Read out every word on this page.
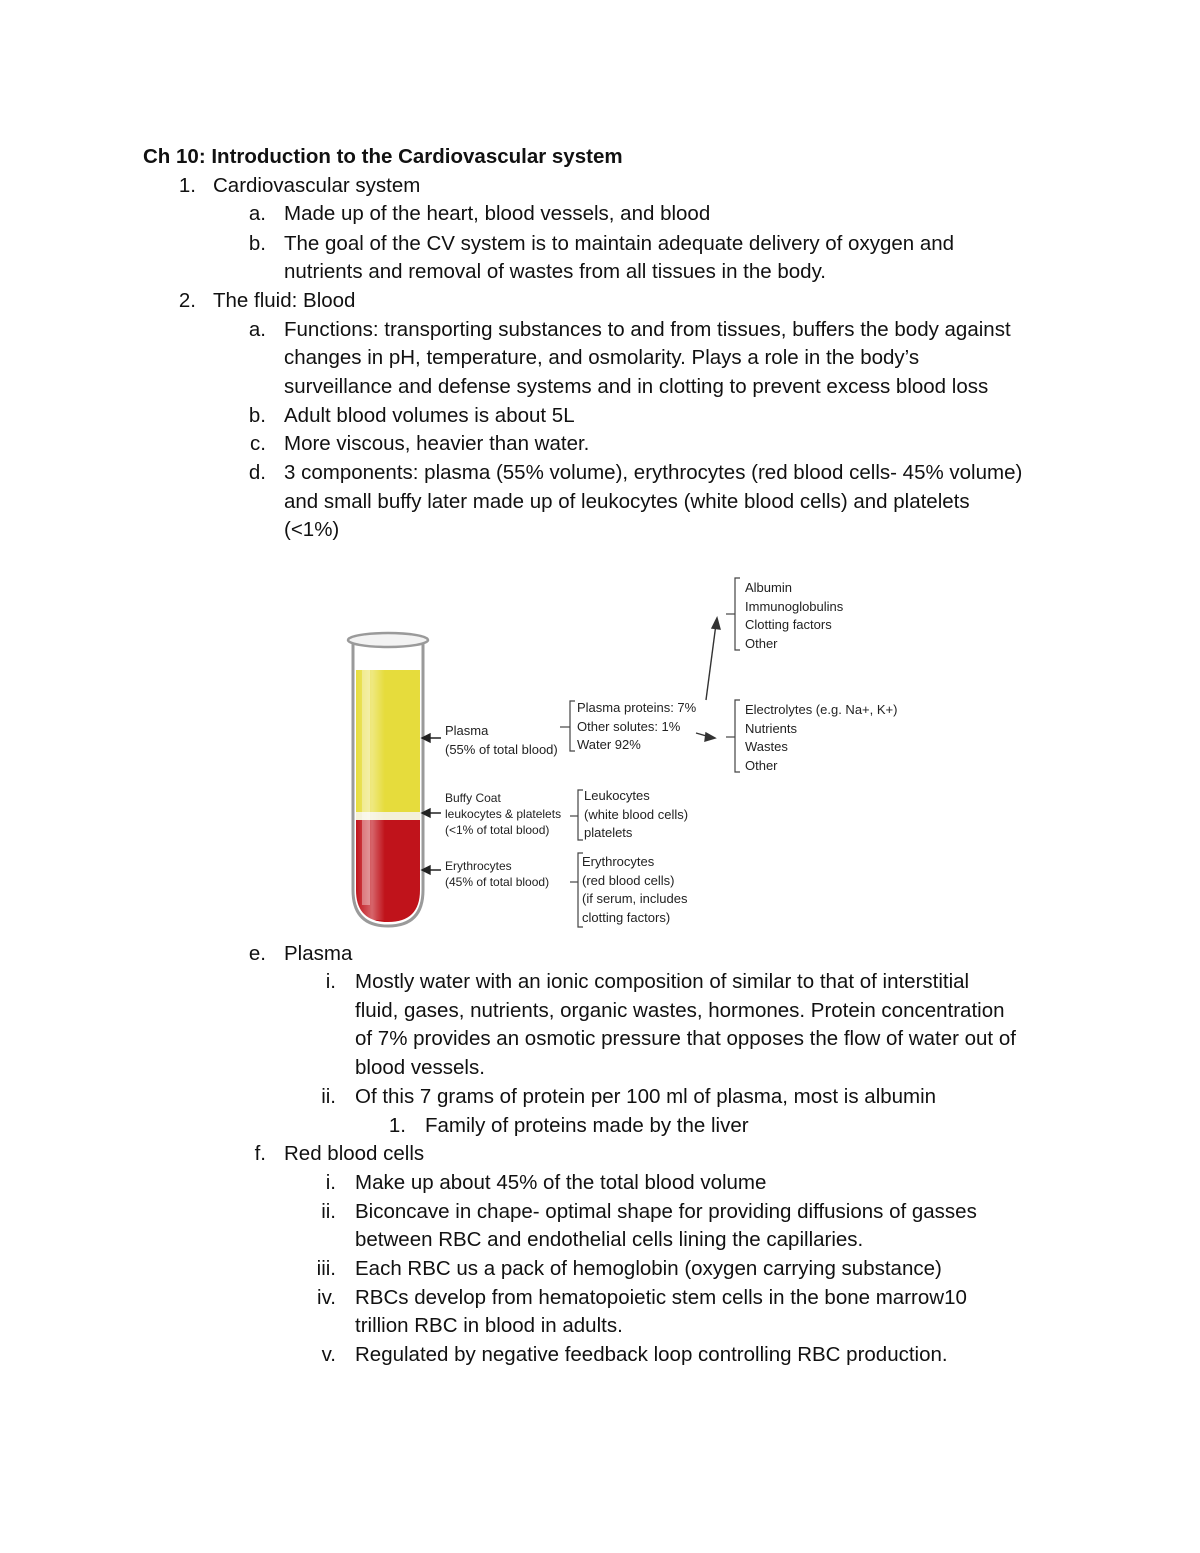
Ch 10: Introduction to the Cardiovascular system
1. Cardiovascular system
a. Made up of the heart, blood vessels, and blood
b. The goal of the CV system is to maintain adequate delivery of oxygen and
nutrients and removal of wastes from all tissues in the body.
2. The fluid: Blood
a. Functions: transporting substances to and from tissues, buffers the body against
changes in pH, temperature, and osmolarity. Plays a role in the body’s
surveillance and defense systems and in clotting to prevent excess blood loss
b. Adult blood volumes is about 5L
c. More viscous, heavier than water.
d. 3 components: plasma (55% volume), erythrocytes (red blood cells- 45% volume)
and small buffy later made up of leukocytes (white blood cells) and platelets
(<1%)
Plasma
(55% of total blood)
Buffy Coat
leukocytes & platelets
(<1% of total blood)
Erythrocytes
(45% of total blood)
Plasma proteins: 7%
Other solutes: 1%
Water 92%
Leukocytes
(white blood cells)
platelets
Erythrocytes
(red blood cells)
(if serum, includes
clotting factors)
Albumin
Immunoglobulins
Clotting factors
Other
Electrolytes (e.g. Na+, K+)
Nutrients
Wastes
Other
e. Plasma
i. Mostly water with an ionic composition of similar to that of interstitial
fluid, gases, nutrients, organic wastes, hormones. Protein concentration
of 7% provides an osmotic pressure that opposes the flow of water out of
blood vessels.
ii. Of this 7 grams of protein per 100 ml of plasma, most is albumin
1. Family of proteins made by the liver
f. Red blood cells
i. Make up about 45% of the total blood volume
ii. Biconcave in chape- optimal shape for providing diffusions of gasses
between RBC and endothelial cells lining the capillaries.
iii. Each RBC us a pack of hemoglobin (oxygen carrying substance)
iv. RBCs develop from hematopoietic stem cells in the bone marrow10
trillion RBC in blood in adults.
v. Regulated by negative feedback loop controlling RBC production.
